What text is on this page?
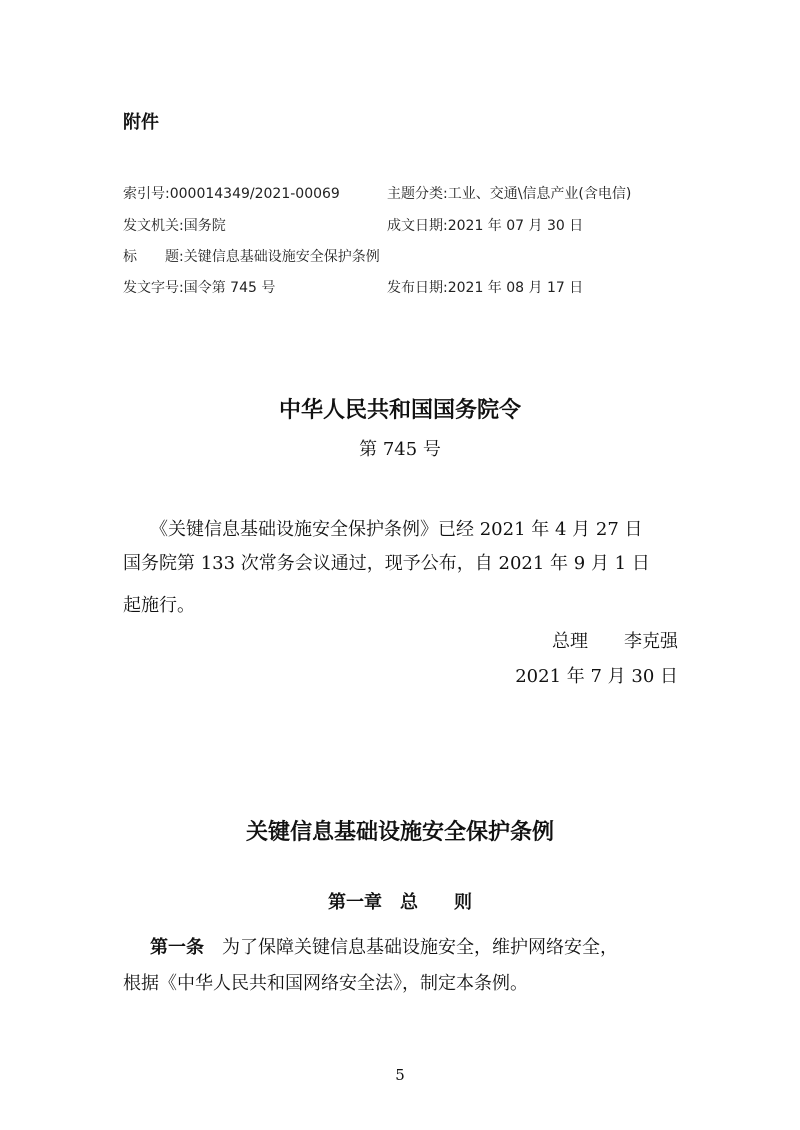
附件
索引号:000014349/2021-00069	主题分类:工业、交通\信息产业(含电信)
发文机关:国务院	成文日期:2021 年 07 月 30 日
标　　题:关键信息基础设施安全保护条例
发文字号:国令第 745 号	发布日期:2021 年 08 月 17 日
中华人民共和国国务院令
第 745 号
《关键信息基础设施安全保护条例》已经 2021 年 4 月 27 日
国务院第 133 次常务会议通过，现予公布，自 2021 年 9 月 1 日
起施行。
总理　　李克强
2021 年 7 月 30 日
关键信息基础设施安全保护条例
第一章　总　　则
第一条　 为了保障关键信息基础设施安全，维护网络安全，
根据《中华人民共和国网络安全法》，制定本条例。
5
